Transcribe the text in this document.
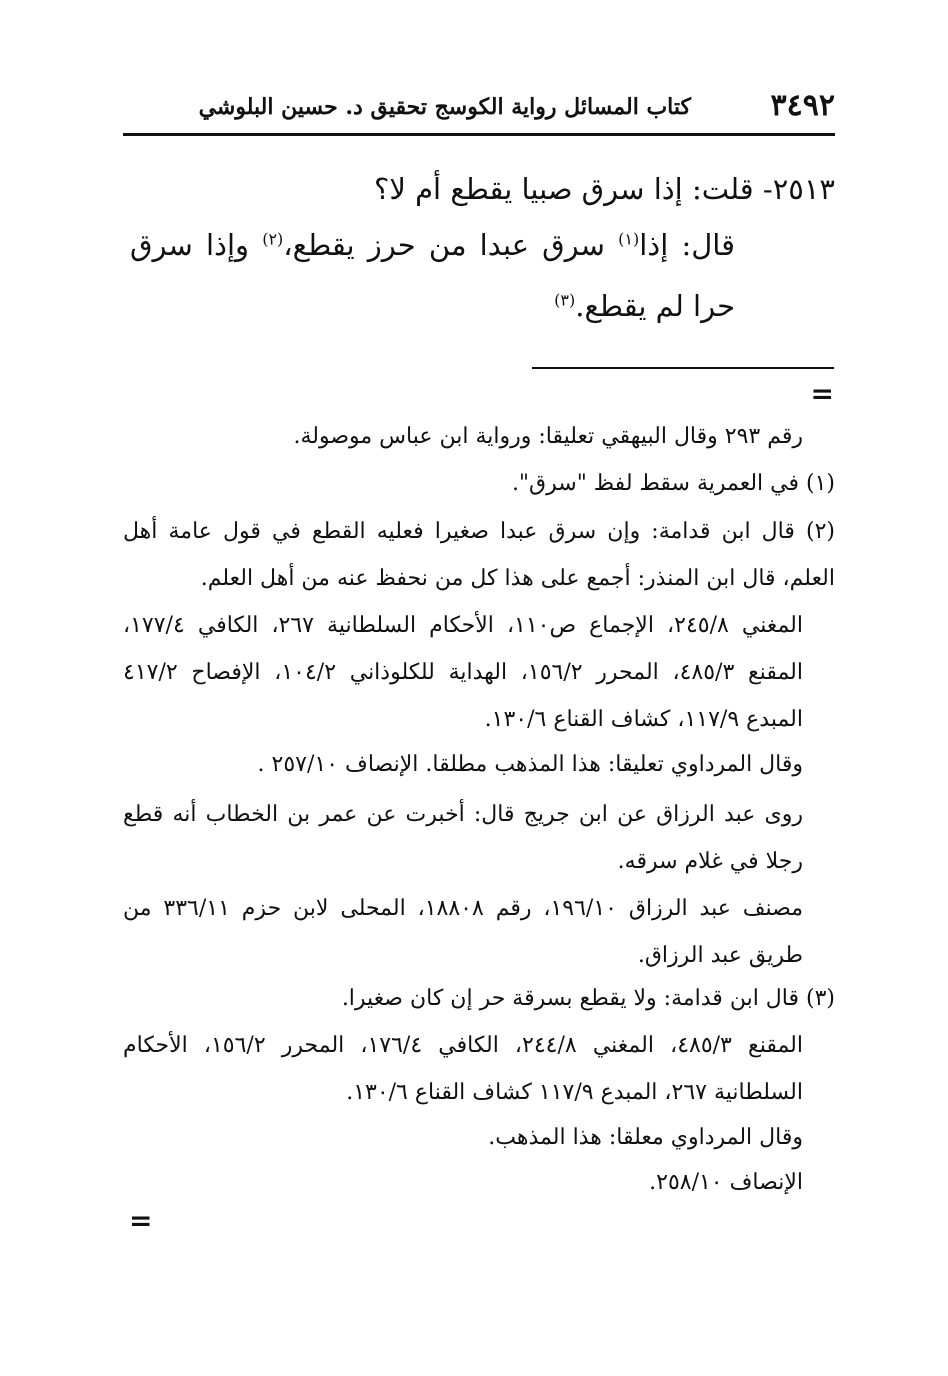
٣٤٩٢
كتاب المسائل رواية الكوسج تحقيق د. حسين البلوشي
٢٥١٣- قلت: إذا سرق صبيا يقطع أم لا؟
قال: إذا$^{(١)}$ سرق عبدا من حرز يقطع،$^{(٢)}$ وإذا سرق حرا لم يقطع.$^{(٣)}$
=
رقم ٢٩٣ وقال البيهقي تعليقا: ورواية ابن عباس موصولة.
(١) في العمرية سقط لفظ "سرق".
(٢) قال ابن قدامة: وإن سرق عبدا صغيرا فعليه القطع في قول عامة أهل العلم، قال ابن المنذر: أجمع على هذا كل من نحفظ عنه من أهل العلم.
المغني ٢٤٥/٨، الإجماع ص١١٠، الأحكام السلطانية ٢٦٧، الكافي ١٧٧/٤، المقنع ٤٨٥/٣، المحرر ١٥٦/٢، الهداية للكلوذاني ١٠٤/٢، الإفصاح ٤١٧/٢ المبدع ١١٧/٩، كشاف القناع ١٣٠/٦.
وقال المرداوي تعليقا: هذا المذهب مطلقا. الإنصاف ٢٥٧/١٠ .
روى عبد الرزاق عن ابن جريج قال: أخبرت عن عمر بن الخطاب أنه قطع رجلا في غلام سرقه.
مصنف عبد الرزاق ١٩٦/١٠، رقم ١٨٨٠٨، المحلى لابن حزم ٣٣٦/١١ من طريق عبد الرزاق.
(٣) قال ابن قدامة: ولا يقطع بسرقة حر إن كان صغيرا.
المقنع ٤٨٥/٣، المغني ٢٤٤/٨، الكافي ١٧٦/٤، المحرر ١٥٦/٢، الأحكام السلطانية ٢٦٧، المبدع ١١٧/٩ كشاف القناع ١٣٠/٦.
وقال المرداوي معلقا: هذا المذهب.
الإنصاف ٢٥٨/١٠.
=
